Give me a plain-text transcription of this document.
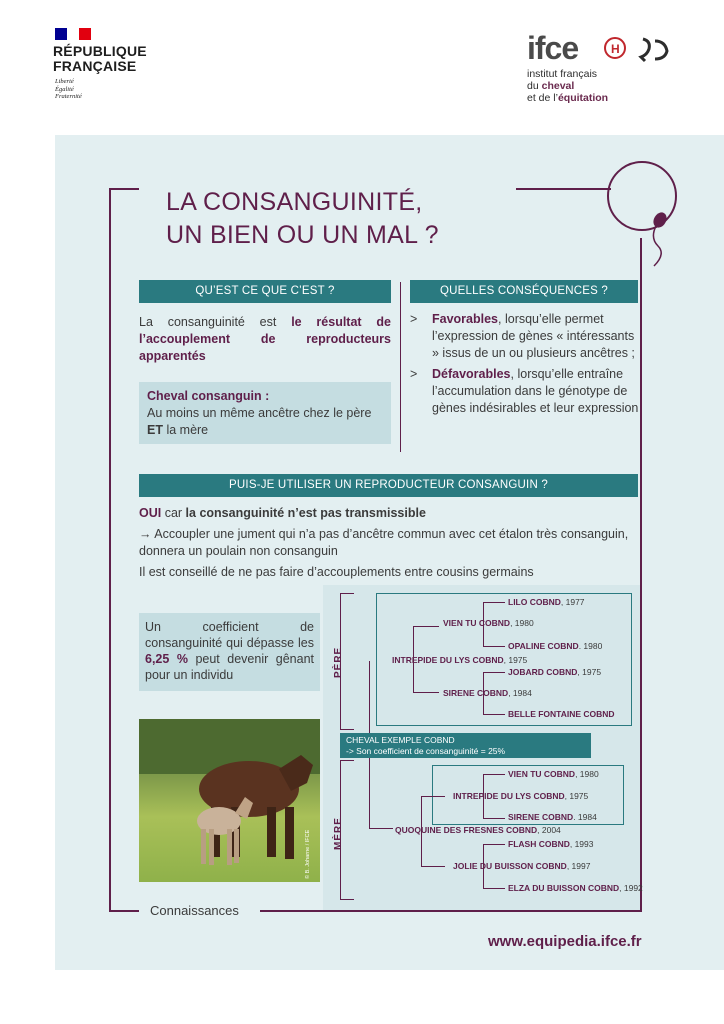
RÉPUBLIQUE
FRANÇAISE
Liberté
Égalité
Fraternité
ifce	H
institut français
du cheval
et de l’équitation
LA CONSANGUINITÉ,
UN BIEN OU UN MAL ?
QU’EST CE QUE C’EST ?
La consanguinité est le résultat de l’accouplement de reproducteurs apparentés
Cheval consanguin :
Au moins un même ancêtre chez le père ET la mère
QUELLES CONSÉQUENCES ?
> Favorables, lorsqu’elle permet l’expression de gènes « intéressants » issus de un ou plusieurs ancêtres ;
> Défavorables, lorsqu’elle entraîne l’accumulation dans le génotype de gènes indésirables et leur expression
PUIS-JE UTILISER UN REPRODUCTEUR CONSANGUIN ?
OUI car la consanguinité n’est pas transmissible
→ Accoupler une jument qui n’a pas d’ancêtre commun avec cet étalon très consanguin, donnera un poulain non consanguin
Il est conseillé de ne pas faire d’accouplements entre cousins germains
Un coefficient de consanguinité qui dépasse les 6,25 % peut devenir gênant pour un individu
© B. Joharne / IFCE
PÈRE
MÈRE
LILO COBND, 1977
VIEN TU COBND, 1980
OPALINE COBND. 1980
INTREPIDE DU LYS COBND, 1975
JOBARD COBND, 1975
SIRENE COBND, 1984
BELLE FONTAINE COBND
CHEVAL EXEMPLE COBND
-> Son coefficient de consanguinité = 25%
VIEN TU COBND, 1980
INTREPIDE DU LYS COBND, 1975
SIRENE COBND. 1984
QUOQUINE DES FRESNES COBND, 2004
FLASH COBND, 1993
JOLIE DU BUISSON COBND, 1997
ELZA DU BUISSON COBND, 1992
Connaissances
www.equipedia.ifce.fr
